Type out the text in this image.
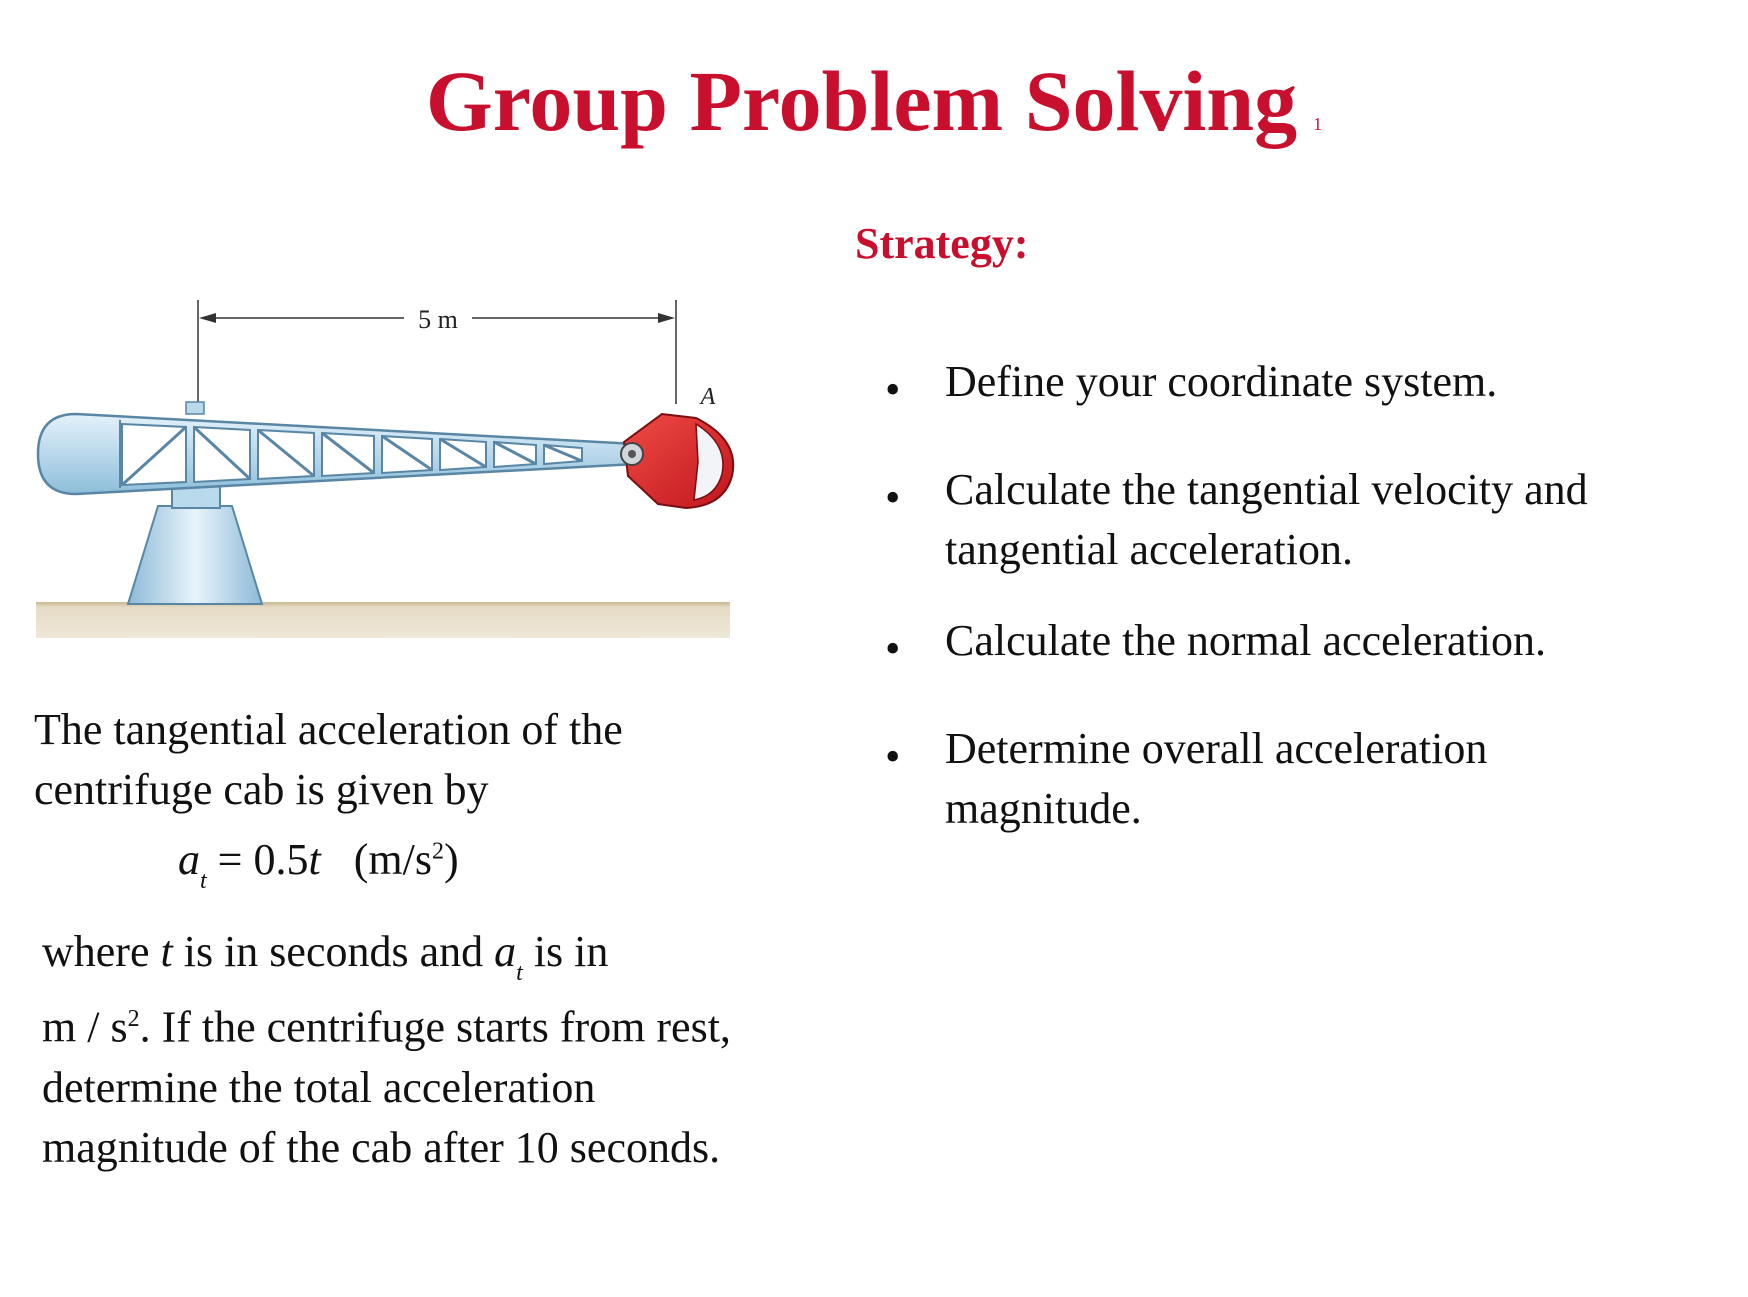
Group Problem Solving 1
Strategy:
• Define your coordinate system.
• Calculate the tangential velocity and tangential acceleration.
• Calculate the normal acceleration.
• Determine overall acceleration magnitude.
5 m
A
The tangential acceleration of the centrifuge cab is given by
$a_t = 0.5t$ $(m/s^2)$
where t is in seconds and $a_t$ is in
m / $s^2$. If the centrifuge starts from rest, determine the total acceleration magnitude of the cab after 10 seconds.
